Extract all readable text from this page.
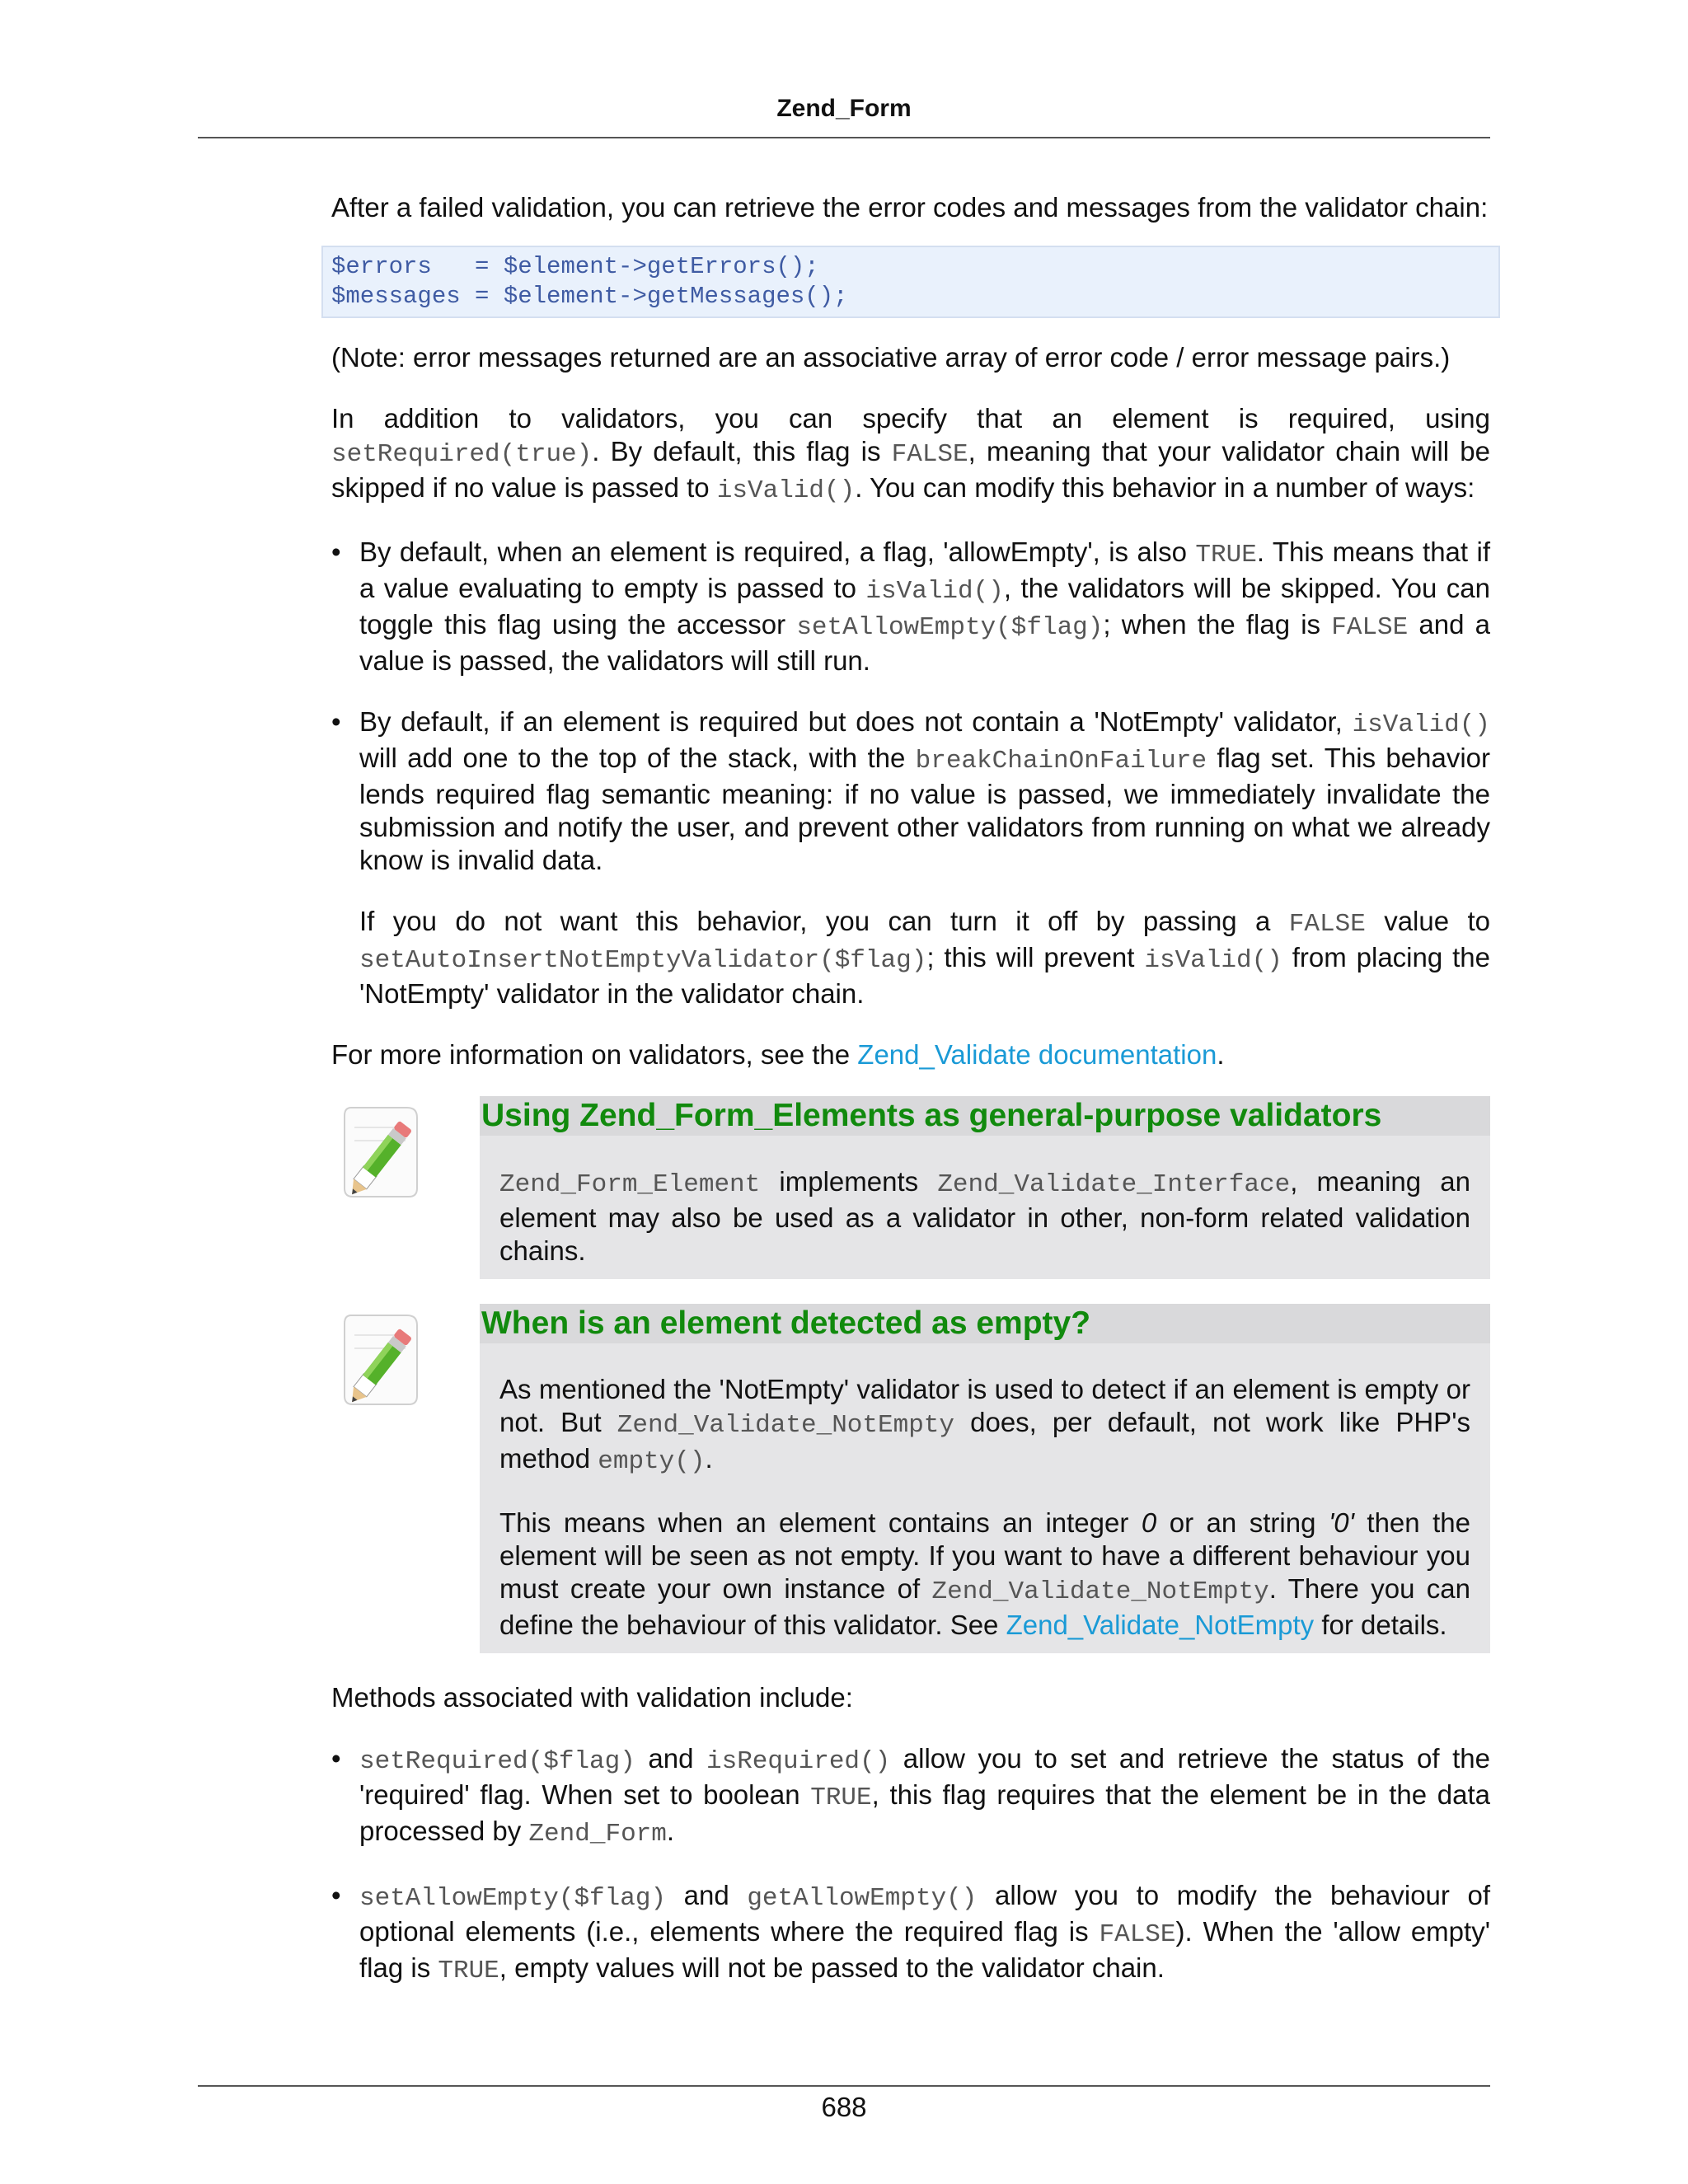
Zend_Form

After a failed validation, you can retrieve the error codes and messages from the validator chain:

$errors   = $element->getErrors();
$messages = $element->getMessages();

(Note: error messages returned are an associative array of error code / error message pairs.)

In addition to validators, you can specify that an element is required, using setRequired(true). By default, this flag is FALSE, meaning that your validator chain will be skipped if no value is passed to isValid(). You can modify this behavior in a number of ways:

• By default, when an element is required, a flag, 'allowEmpty', is also TRUE. This means that if a value evaluating to empty is passed to isValid(), the validators will be skipped. You can toggle this flag using the accessor setAllowEmpty($flag); when the flag is FALSE and a value is passed, the validators will still run.

• By default, if an element is required but does not contain a 'NotEmpty' validator, isValid() will add one to the top of the stack, with the breakChainOnFailure flag set. This behavior lends required flag semantic meaning: if no value is passed, we immediately invalidate the submission and notify the user, and prevent other validators from running on what we already know is invalid data.

If you do not want this behavior, you can turn it off by passing a FALSE value to setAutoInsertNotEmptyValidator($flag); this will prevent isValid() from placing the 'NotEmpty' validator in the validator chain.

For more information on validators, see the Zend_Validate documentation.

Using Zend_Form_Elements as general-purpose validators

Zend_Form_Element implements Zend_Validate_Interface, meaning an element may also be used as a validator in other, non-form related validation chains.

When is an element detected as empty?

As mentioned the 'NotEmpty' validator is used to detect if an element is empty or not. But Zend_Validate_NotEmpty does, per default, not work like PHP's method empty().

This means when an element contains an integer 0 or an string '0' then the element will be seen as not empty. If you want to have a different behaviour you must create your own instance of Zend_Validate_NotEmpty. There you can define the behaviour of this validator. See Zend_Validate_NotEmpty for details.

Methods associated with validation include:

• setRequired($flag) and isRequired() allow you to set and retrieve the status of the 'required' flag. When set to boolean TRUE, this flag requires that the element be in the data processed by Zend_Form.

• setAllowEmpty($flag) and getAllowEmpty() allow you to modify the behaviour of optional elements (i.e., elements where the required flag is FALSE). When the 'allow empty' flag is TRUE, empty values will not be passed to the validator chain.

688
